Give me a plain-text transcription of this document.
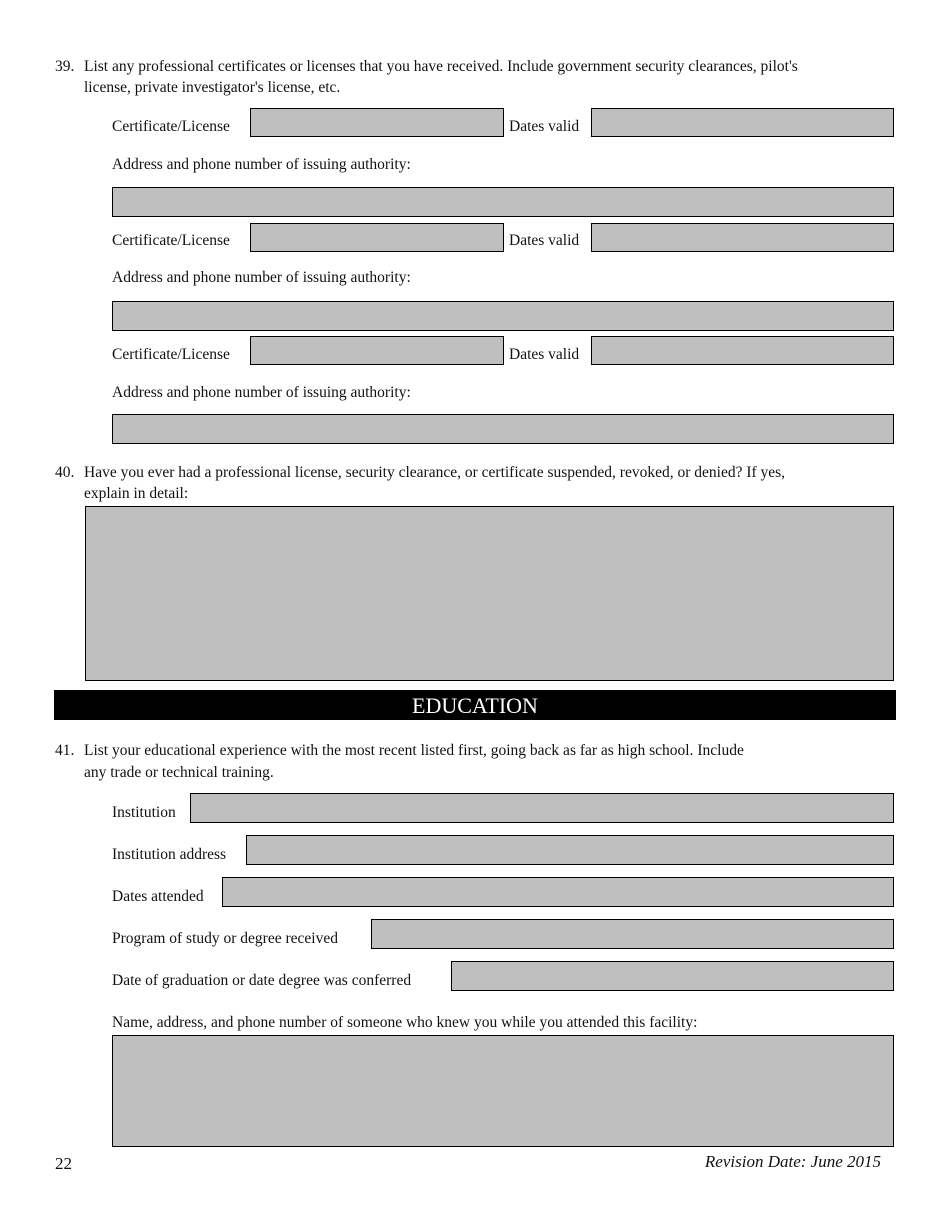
39. List any professional certificates or licenses that you have received. Include government security clearances, pilot's
license, private investigator's license, etc.
Certificate/License	Dates valid
Address and phone number of issuing authority:
Certificate/License	Dates valid
Address and phone number of issuing authority:
Certificate/License	Dates valid
Address and phone number of issuing authority:
40. Have you ever had a professional license, security clearance, or certificate suspended, revoked, or denied? If yes,
explain in detail:
EDUCATION
41. List your educational experience with the most recent listed first, going back as far as high school. Include
any trade or technical training.
Institution
Institution address
Dates attended
Program of study or degree received
Date of graduation or date degree was conferred
Name, address, and phone number of someone who knew you while you attended this facility:
22	Revision Date: June 2015
